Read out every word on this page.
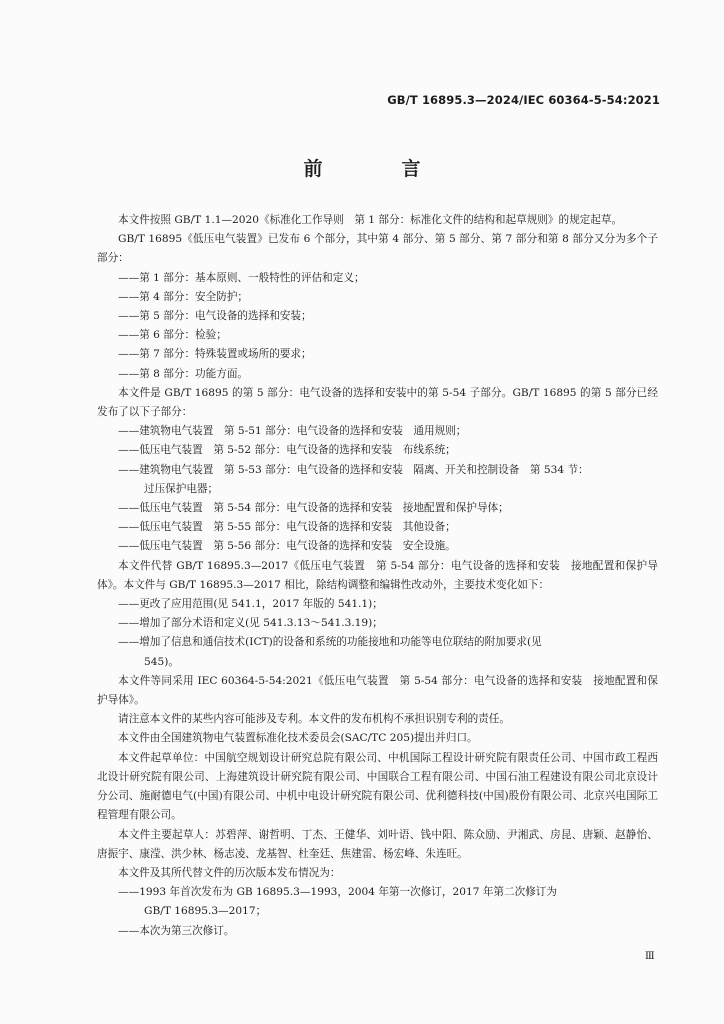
GB/T 16895.3—2024/IEC 60364-5-54:2021
前　言

本文件按照 GB/T 1.1—2020《标准化工作导则　第 1 部分：标准化文件的结构和起草规则》的规定起草。

GB/T 16895《低压电气装置》已发布 6 个部分，其中第 4 部分、第 5 部分、第 7 部分和第 8 部分又分为多个子部分：

——第 1 部分：基本原则、一般特性的评估和定义；

——第 4 部分：安全防护；

——第 5 部分：电气设备的选择和安装；

——第 6 部分：检验；

——第 7 部分：特殊装置或场所的要求；

——第 8 部分：功能方面。

本文件是 GB/T 16895 的第 5 部分：电气设备的选择和安装中的第 5-54 子部分。GB/T 16895 的第 5 部分已经发布了以下子部分：

——建筑物电气装置　第 5-51 部分：电气设备的选择和安装　通用规则；

——低压电气装置　第 5-52 部分：电气设备的选择和安装　布线系统；

——建筑物电气装置　第 5-53 部分：电气设备的选择和安装　隔离、开关和控制设备　第 534 节：
过压保护电器；

——低压电气装置　第 5-54 部分：电气设备的选择和安装　接地配置和保护导体；

——低压电气装置　第 5-55 部分：电气设备的选择和安装　其他设备；

——低压电气装置　第 5-56 部分：电气设备的选择和安装　安全设施。

本文件代替 GB/T 16895.3—2017《低压电气装置　第 5-54 部分：电气设备的选择和安装　接地配置和保护导体》。本文件与 GB/T 16895.3—2017 相比，除结构调整和编辑性改动外，主要技术变化如下：

——更改了应用范围(见 541.1，2017 年版的 541.1)；

——增加了部分术语和定义(见 541.3.13～541.3.19)；

——增加了信息和通信技术(ICT)的设备和系统的功能接地和功能等电位联结的附加要求(见
545)。

本文件等同采用 IEC 60364-5-54:2021《低压电气装置　第 5-54 部分：电气设备的选择和安装　接地配置和保护导体》。

请注意本文件的某些内容可能涉及专利。本文件的发布机构不承担识别专利的责任。

本文件由全国建筑物电气装置标准化技术委员会(SAC/TC 205)提出并归口。

本文件起草单位：中国航空规划设计研究总院有限公司、中机国际工程设计研究院有限责任公司、中国市政工程西北设计研究院有限公司、上海建筑设计研究院有限公司、中国联合工程有限公司、中国石油工程建设有限公司北京设计分公司、施耐德电气(中国)有限公司、中机中电设计研究院有限公司、优利德科技(中国)股份有限公司、北京兴电国际工程管理有限公司。

本文件主要起草人：苏碧萍、谢哲明、丁杰、王健华、刘叶语、钱中阳、陈众励、尹湘武、房昆、唐颖、赵静怡、唐振宇、康滢、洪少林、杨志凌、龙基智、杜奎廷、焦建雷、杨宏峰、朱连旺。

本文件及其所代替文件的历次版本发布情况为：

——1993 年首次发布为 GB 16895.3—1993，2004 年第一次修订，2017 年第二次修订为
GB/T 16895.3—2017；

——本次为第三次修订。

Ⅲ
